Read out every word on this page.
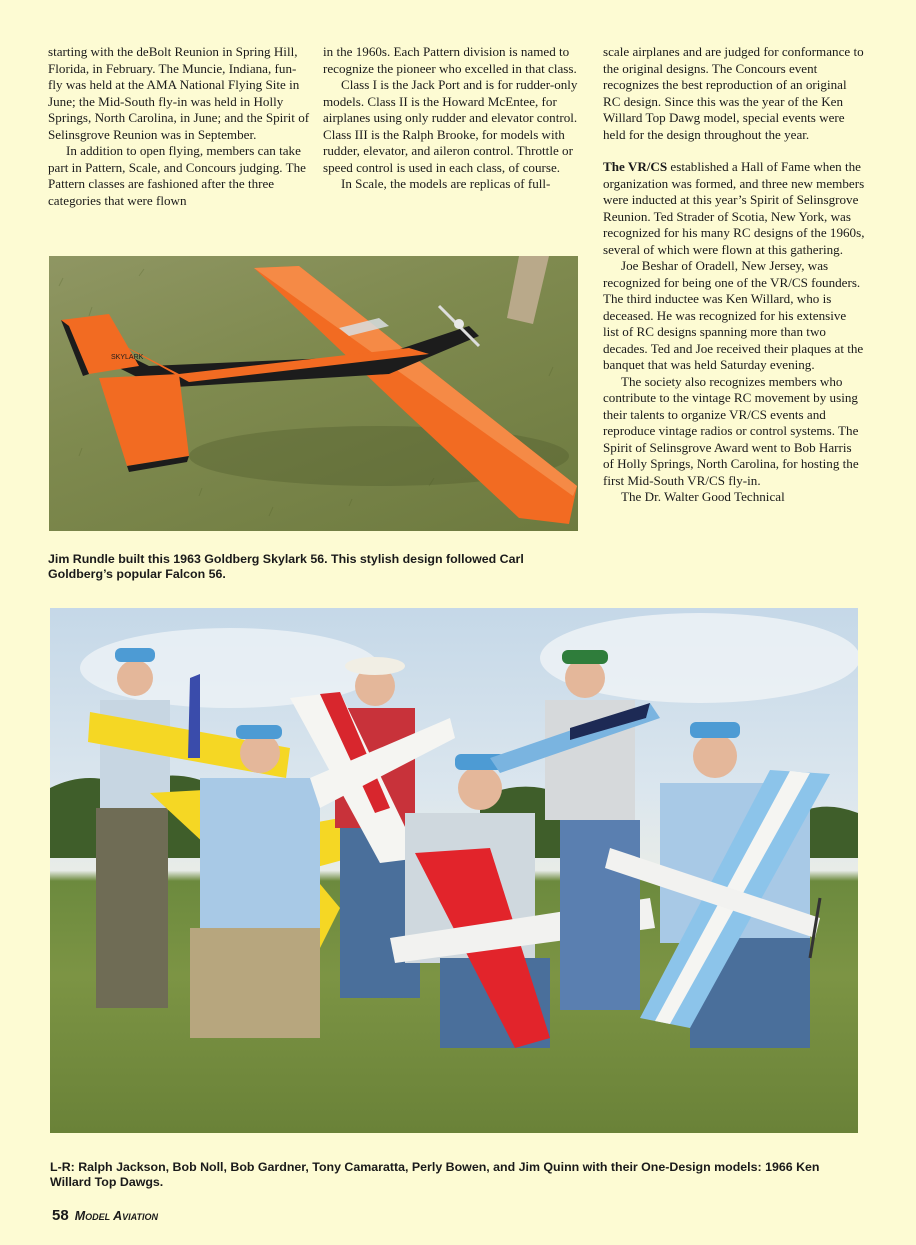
starting with the deBolt Reunion in Spring Hill, Florida, in February. The Muncie, Indiana, fun-fly was held at the AMA National Flying Site in June; the Mid-South fly-in was held in Holly Springs, North Carolina, in June; and the Spirit of Selinsgrove Reunion was in September.

In addition to open flying, members can take part in Pattern, Scale, and Concours judging. The Pattern classes are fashioned after the three categories that were flown

in the 1960s. Each Pattern division is named to recognize the pioneer who excelled in that class.

Class I is the Jack Port and is for rudder-only models. Class II is the Howard McEntee, for airplanes using only rudder and elevator control. Class III is the Ralph Brooke, for models with rudder, elevator, and aileron control. Throttle or speed control is used in each class, of course.

In Scale, the models are replicas of full-

scale airplanes and are judged for conformance to the original designs. The Concours event recognizes the best reproduction of an original RC design. Since this was the year of the Ken Willard Top Dawg model, special events were held for the design throughout the year.

The VR/CS established a Hall of Fame when the organization was formed, and three new members were inducted at this year’s Spirit of Selinsgrove Reunion. Ted Strader of Scotia, New York, was recognized for his many RC designs of the 1960s, several of which were flown at this gathering.

Joe Beshar of Oradell, New Jersey, was recognized for being one of the VR/CS founders. The third inductee was Ken Willard, who is deceased. He was recognized for his extensive list of RC designs spanning more than two decades. Ted and Joe received their plaques at the banquet that was held Saturday evening.

The society also recognizes members who contribute to the vintage RC movement by using their talents to organize VR/CS events and reproduce vintage radios or control systems. The Spirit of Selinsgrove Award went to Bob Harris of Holly Springs, North Carolina, for hosting the first Mid-South VR/CS fly-in.

The Dr. Walter Good Technical

SKYLARK
Jim Rundle built this 1963 Goldberg Skylark 56. This stylish design followed Carl Goldberg’s popular Falcon 56.
L-R: Ralph Jackson, Bob Noll, Bob Gardner, Tony Camaratta, Perly Bowen, and Jim Quinn with their One-Design models: 1966 Ken Willard Top Dawgs.
58 Model Aviation
